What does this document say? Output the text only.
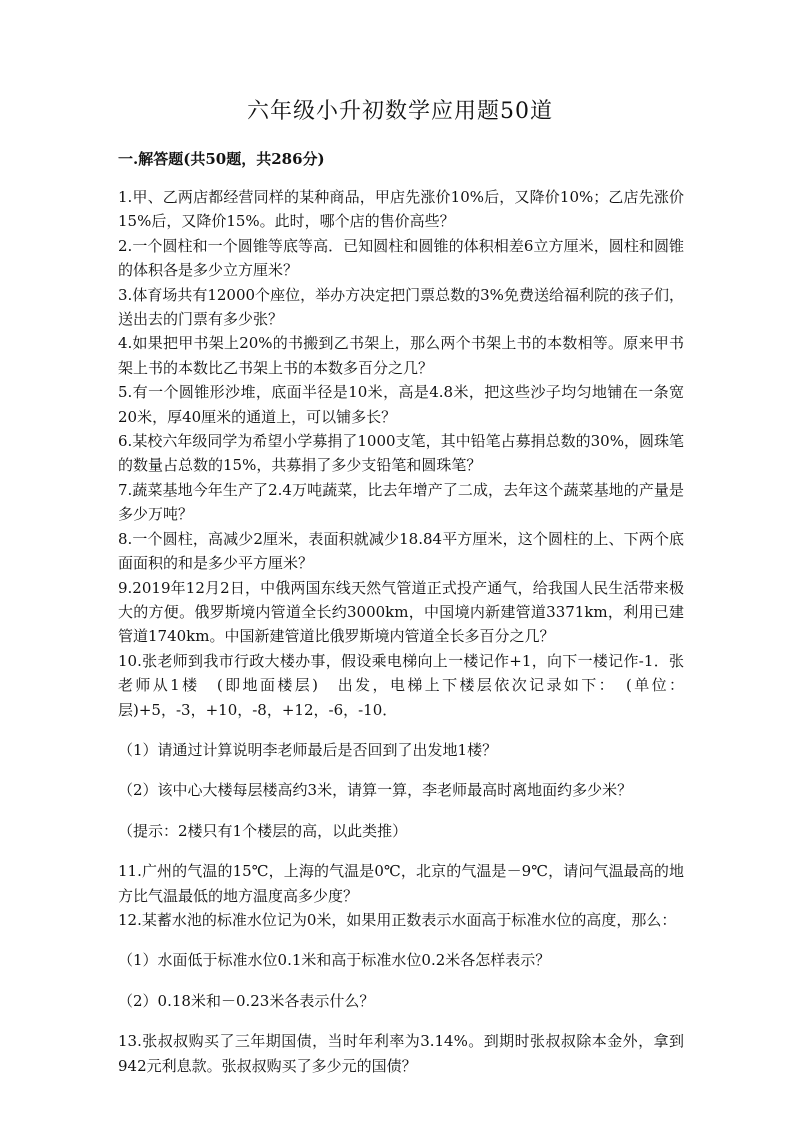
六年级小升初数学应用题50道
一.解答题(共50题，共286分)

1.甲、乙两店都经营同样的某种商品，甲店先涨价10%后，又降价10%；乙店先涨价15%后，又降价15%。此时，哪个店的售价高些？

2.一个圆柱和一个圆锥等底等高．已知圆柱和圆锥的体积相差6立方厘米，圆柱和圆锥的体积各是多少立方厘米？

3.体育场共有12000个座位，举办方决定把门票总数的3%免费送给福利院的孩子们，送出去的门票有多少张？

4.如果把甲书架上20%的书搬到乙书架上，那么两个书架上书的本数相等。原来甲书架上书的本数比乙书架上书的本数多百分之几？

5.有一个圆锥形沙堆，底面半径是10米，高是4.8米，把这些沙子均匀地铺在一条宽20米，厚40厘米的通道上，可以铺多长？

6.某校六年级同学为希望小学募捐了1000支笔，其中铅笔占募捐总数的30%，圆珠笔的数量占总数的15%，共募捐了多少支铅笔和圆珠笔？

7.蔬菜基地今年生产了2.4万吨蔬菜，比去年增产了二成，去年这个蔬菜基地的产量是多少万吨？

8.一个圆柱，高减少2厘米，表面积就减少18.84平方厘米，这个圆柱的上、下两个底面面积的和是多少平方厘米？

9.2019年12月2日，中俄两国东线天然气管道正式投产通气，给我国人民生活带来极大的方便。俄罗斯境内管道全长约3000km，中国境内新建管道3371km，利用已建管道1740km。中国新建管道比俄罗斯境内管道全长多百分之几？

10.张老师到我市行政大楼办事，假设乘电梯向上一楼记作+1，向下一楼记作-1．张老师从1楼　(即地面楼层)　出发，电梯上下楼层依次记录如下：　(单位：层)+5，-3，+10，-8，+12，-6，-10．

（1）请通过计算说明李老师最后是否回到了出发地1楼？

（2）该中心大楼每层楼高约3米，请算一算，李老师最高时离地面约多少米？

（提示：2楼只有1个楼层的高，以此类推）

11.广州的气温的15℃，上海的气温是0℃，北京的气温是－9℃，请问气温最高的地方比气温最低的地方温度高多少度？

12.某蓄水池的标准水位记为0米，如果用正数表示水面高于标准水位的高度，那么：

（1）水面低于标准水位0.1米和高于标准水位0.2米各怎样表示？

（2）0.18米和－0.23米各表示什么？

13.张叔叔购买了三年期国债，当时年利率为3.14%。到期时张叔叔除本金外，拿到942元利息款。张叔叔购买了多少元的国债？
